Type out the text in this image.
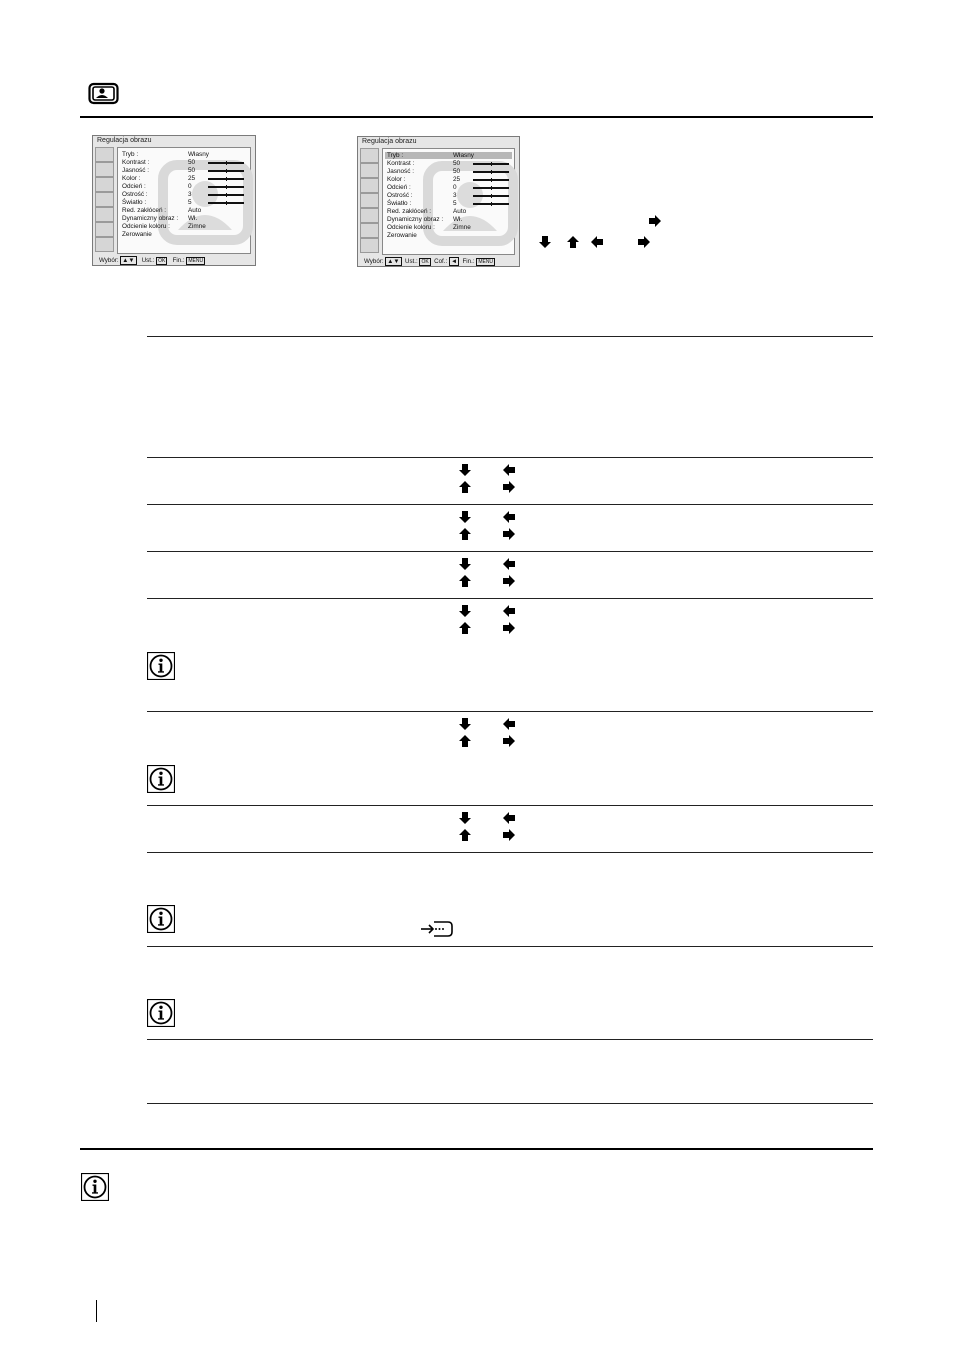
Regulacja obrazu
Tryb :	Własny
Kontrast :	50
Jasność :	50
Kolor :	25
Odcień :	0
Ostrość :	3
Światło :	5
Red. zakłóceń :	Auto
Dynamiczny obraz : Wł.
Odcienie koloru :	Zimne
Zerowanie
Wybór: ▲▼ Ust.: OK Fin.: MENU
Regulacja obrazu
Tryb :	Własny
Kontrast :	50
Jasność :	50
Kolor :	25
Odcień :	0
Ostrość :	3
Światło :	5
Red. zakłóceń :	Auto
Dynamiczny obraz : Wł.
Odcienie koloru :	Zimne
Zerowanie
Wybór: ▲▼ Ust.: OK Cof.: ◄ Fin.: MENU
